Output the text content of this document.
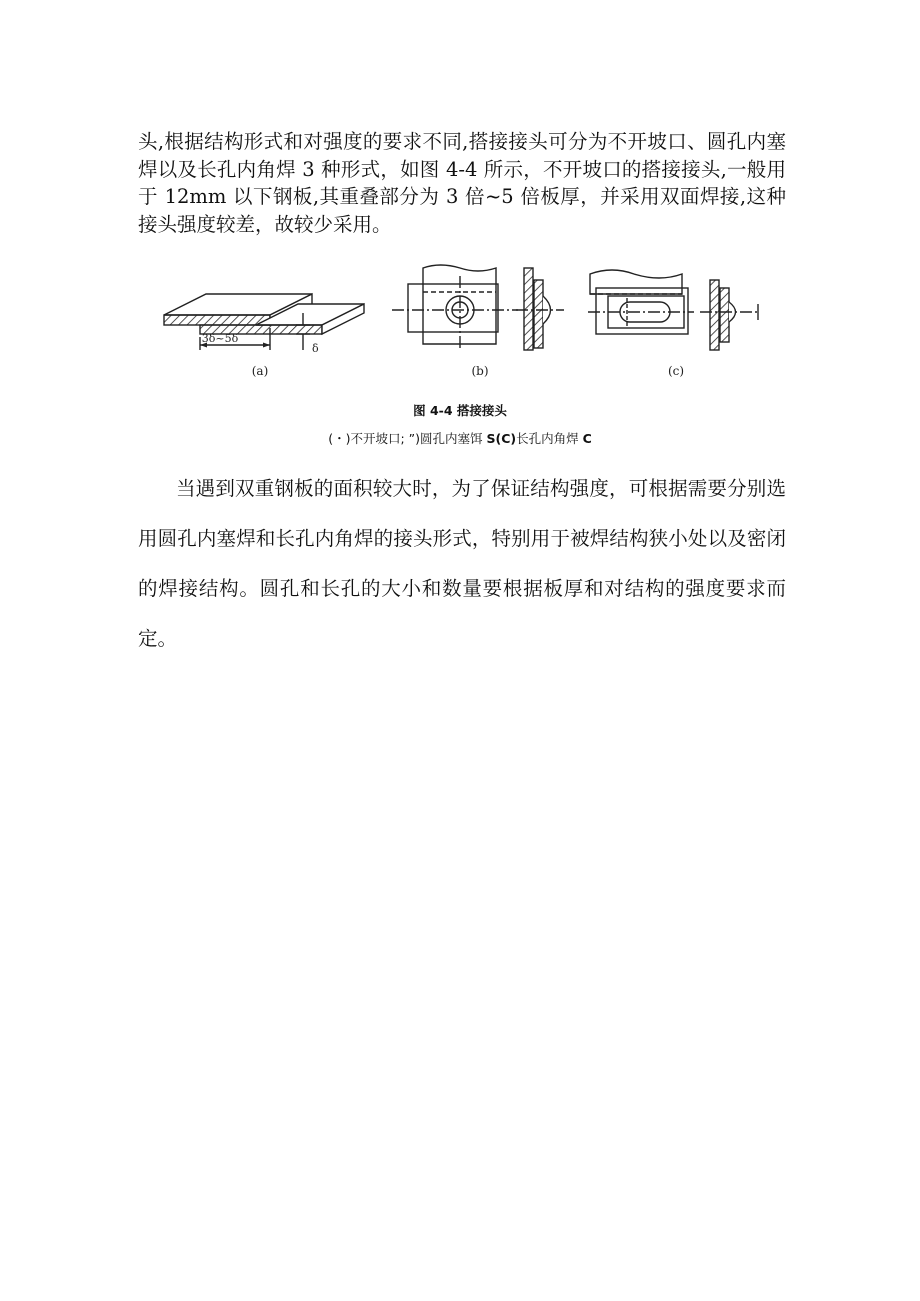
头,根据结构形式和对强度的要求不同,搭接接头可分为不开坡口、圆孔内塞焊以及长孔内角焊 3 种形式，如图 4-4 所示，不开坡口的搭接接头,一般用于 12mm 以下钢板,其重叠部分为 3 倍~5 倍板厚，并采用双面焊接,这种接头强度较差，故较少采用。

3δ~5δ
δ
(a)	(b)	(c)

图 4-4 搭接接头

(・)不开坡口; ”)圆孔内塞饵 S(C)长孔内角焊 C

当遇到双重钢板的面积较大时，为了保证结构强度，可根据需要分别选用圆孔内塞焊和长孔内角焊的接头形式，特别用于被焊结构狭小处以及密闭的焊接结构。圆孔和长孔的大小和数量要根据板厚和对结构的强度要求而定。
